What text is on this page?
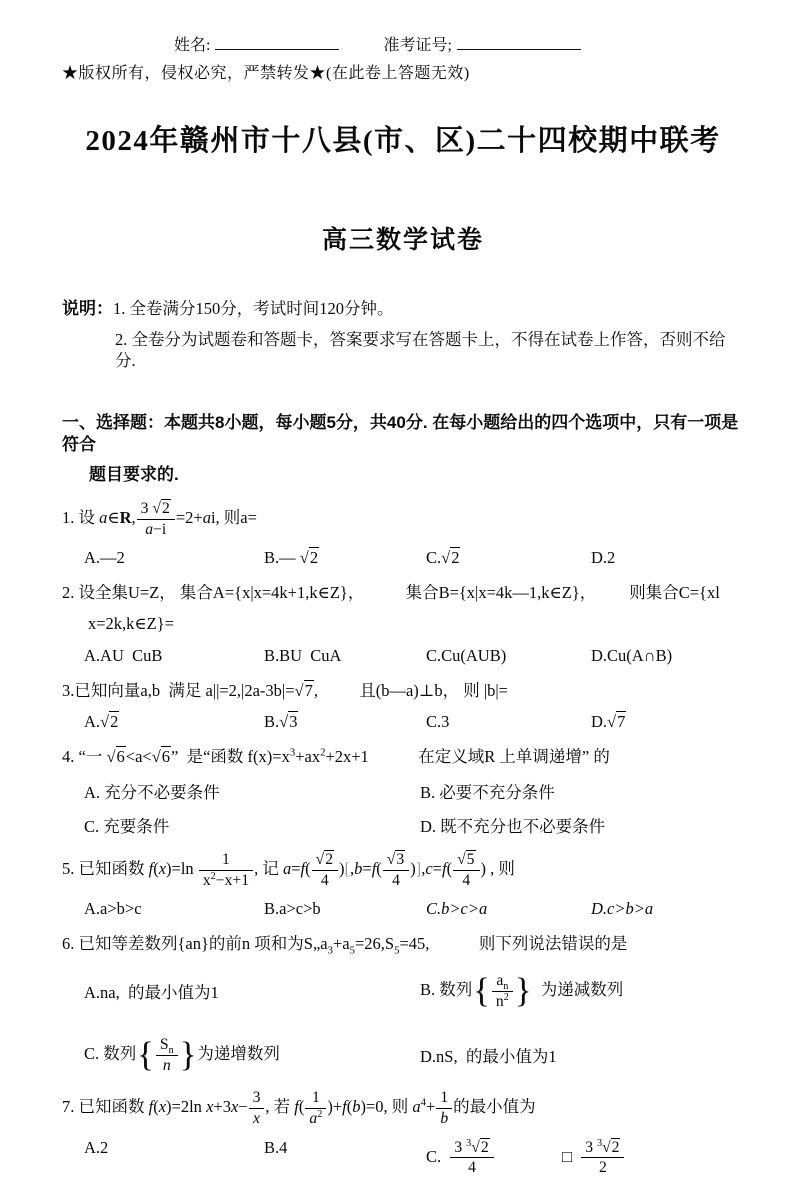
姓名:	准考证号;
★版权所有，侵权必究，严禁转发★(在此卷上答题无效)
2024年赣州市十八县(市、区)二十四校期中联考
高三数学试卷
说明：1. 全卷满分150分，考试时间120分钟。
2. 全卷分为试题卷和答题卡，答案要求写在答题卡上，不得在试卷上作答，否则不给分.
一、选择题：本题共8小题，每小题5分，共40分. 在每小题给出的四个选项中，只有一项是符合
题目要求的.
1. 设 a∈R, $\frac{3 √2}{a-i} =2+ai$, 则a=
A.—2	B.— √2	C.√2	D.2
2. 设全集U=Z， 集合A={x|x=4k+1,k∈Z}，          集合B={x|x=4k—1,k∈Z}，        则集合C={xl
x=2k,k∈Z}=
A.AU  CuB	B.BU  CuA	C.Cu(AUB)	D.Cu(A∩B)
3.已知向量a,b  满足 a||=2,|2a-3b|=√7,          且(b—a)⊥b， 则 |b|=
A.√2	B.√3	C.3	D.√7
4. “一 √6<a<√6”  是“函数 $f(x)=x^3+ax^2+2x+1$            在定义域R 上单调递增” 的
A. 充分不必要条件	B. 必要不充分条件
C. 充要条件	D. 既不充分也不必要条件
5. 已知函数 $f(x)=\ln \frac{1}{x^2-x+1}$ , 记 $a=f( \frac{√2}{4} )[,b=f( \frac{√3}{4} )],c=f( \frac{√5}{4}$ ) , 则
A.a>b>c	B.a>c>b	C.b>c>a	D.c>b>a
6. 已知等差数列{an}的前n 项和为$S„a_3+a_5=26,S_5=45$,            则下列说法错误的是
A.na,  的最小值为1	B. 数列{ $\frac{a_n}{n^2}$ }  为递减数列
C. 数列{ $\frac{S_n}{n}$ }为递增数列	D.nS,  的最小值为1
7. 已知函数 f(x)=2ln $x+3x- \frac{3}{x}$ , 若 $f( \frac{1}{a^2} )+f(b)=0$, 则 $a^4+ \frac{1}{b}$ 的最小值为
A.2	B.4	C. $\frac{3 ^3√2}{4}$	□ $\frac{3 ^3√2}{2}$
